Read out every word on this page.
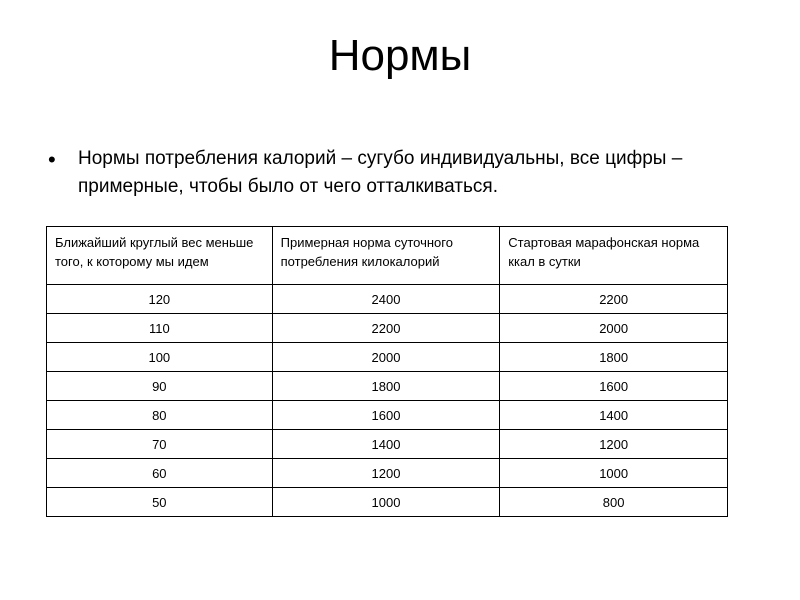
Нормы
• Нормы потребления калорий – сугубо индивидуальны, все цифры – примерные, чтобы было от чего отталкиваться.

Ближайший круглый вес меньше того, к которому мы идем	Примерная норма суточного потребления килокалорий	Стартовая марафонская норма ккал в сутки
120	2400	2200
110	2200	2000
100	2000	1800
90	1800	1600
80	1600	1400
70	1400	1200
60	1200	1000
50	1000	800
